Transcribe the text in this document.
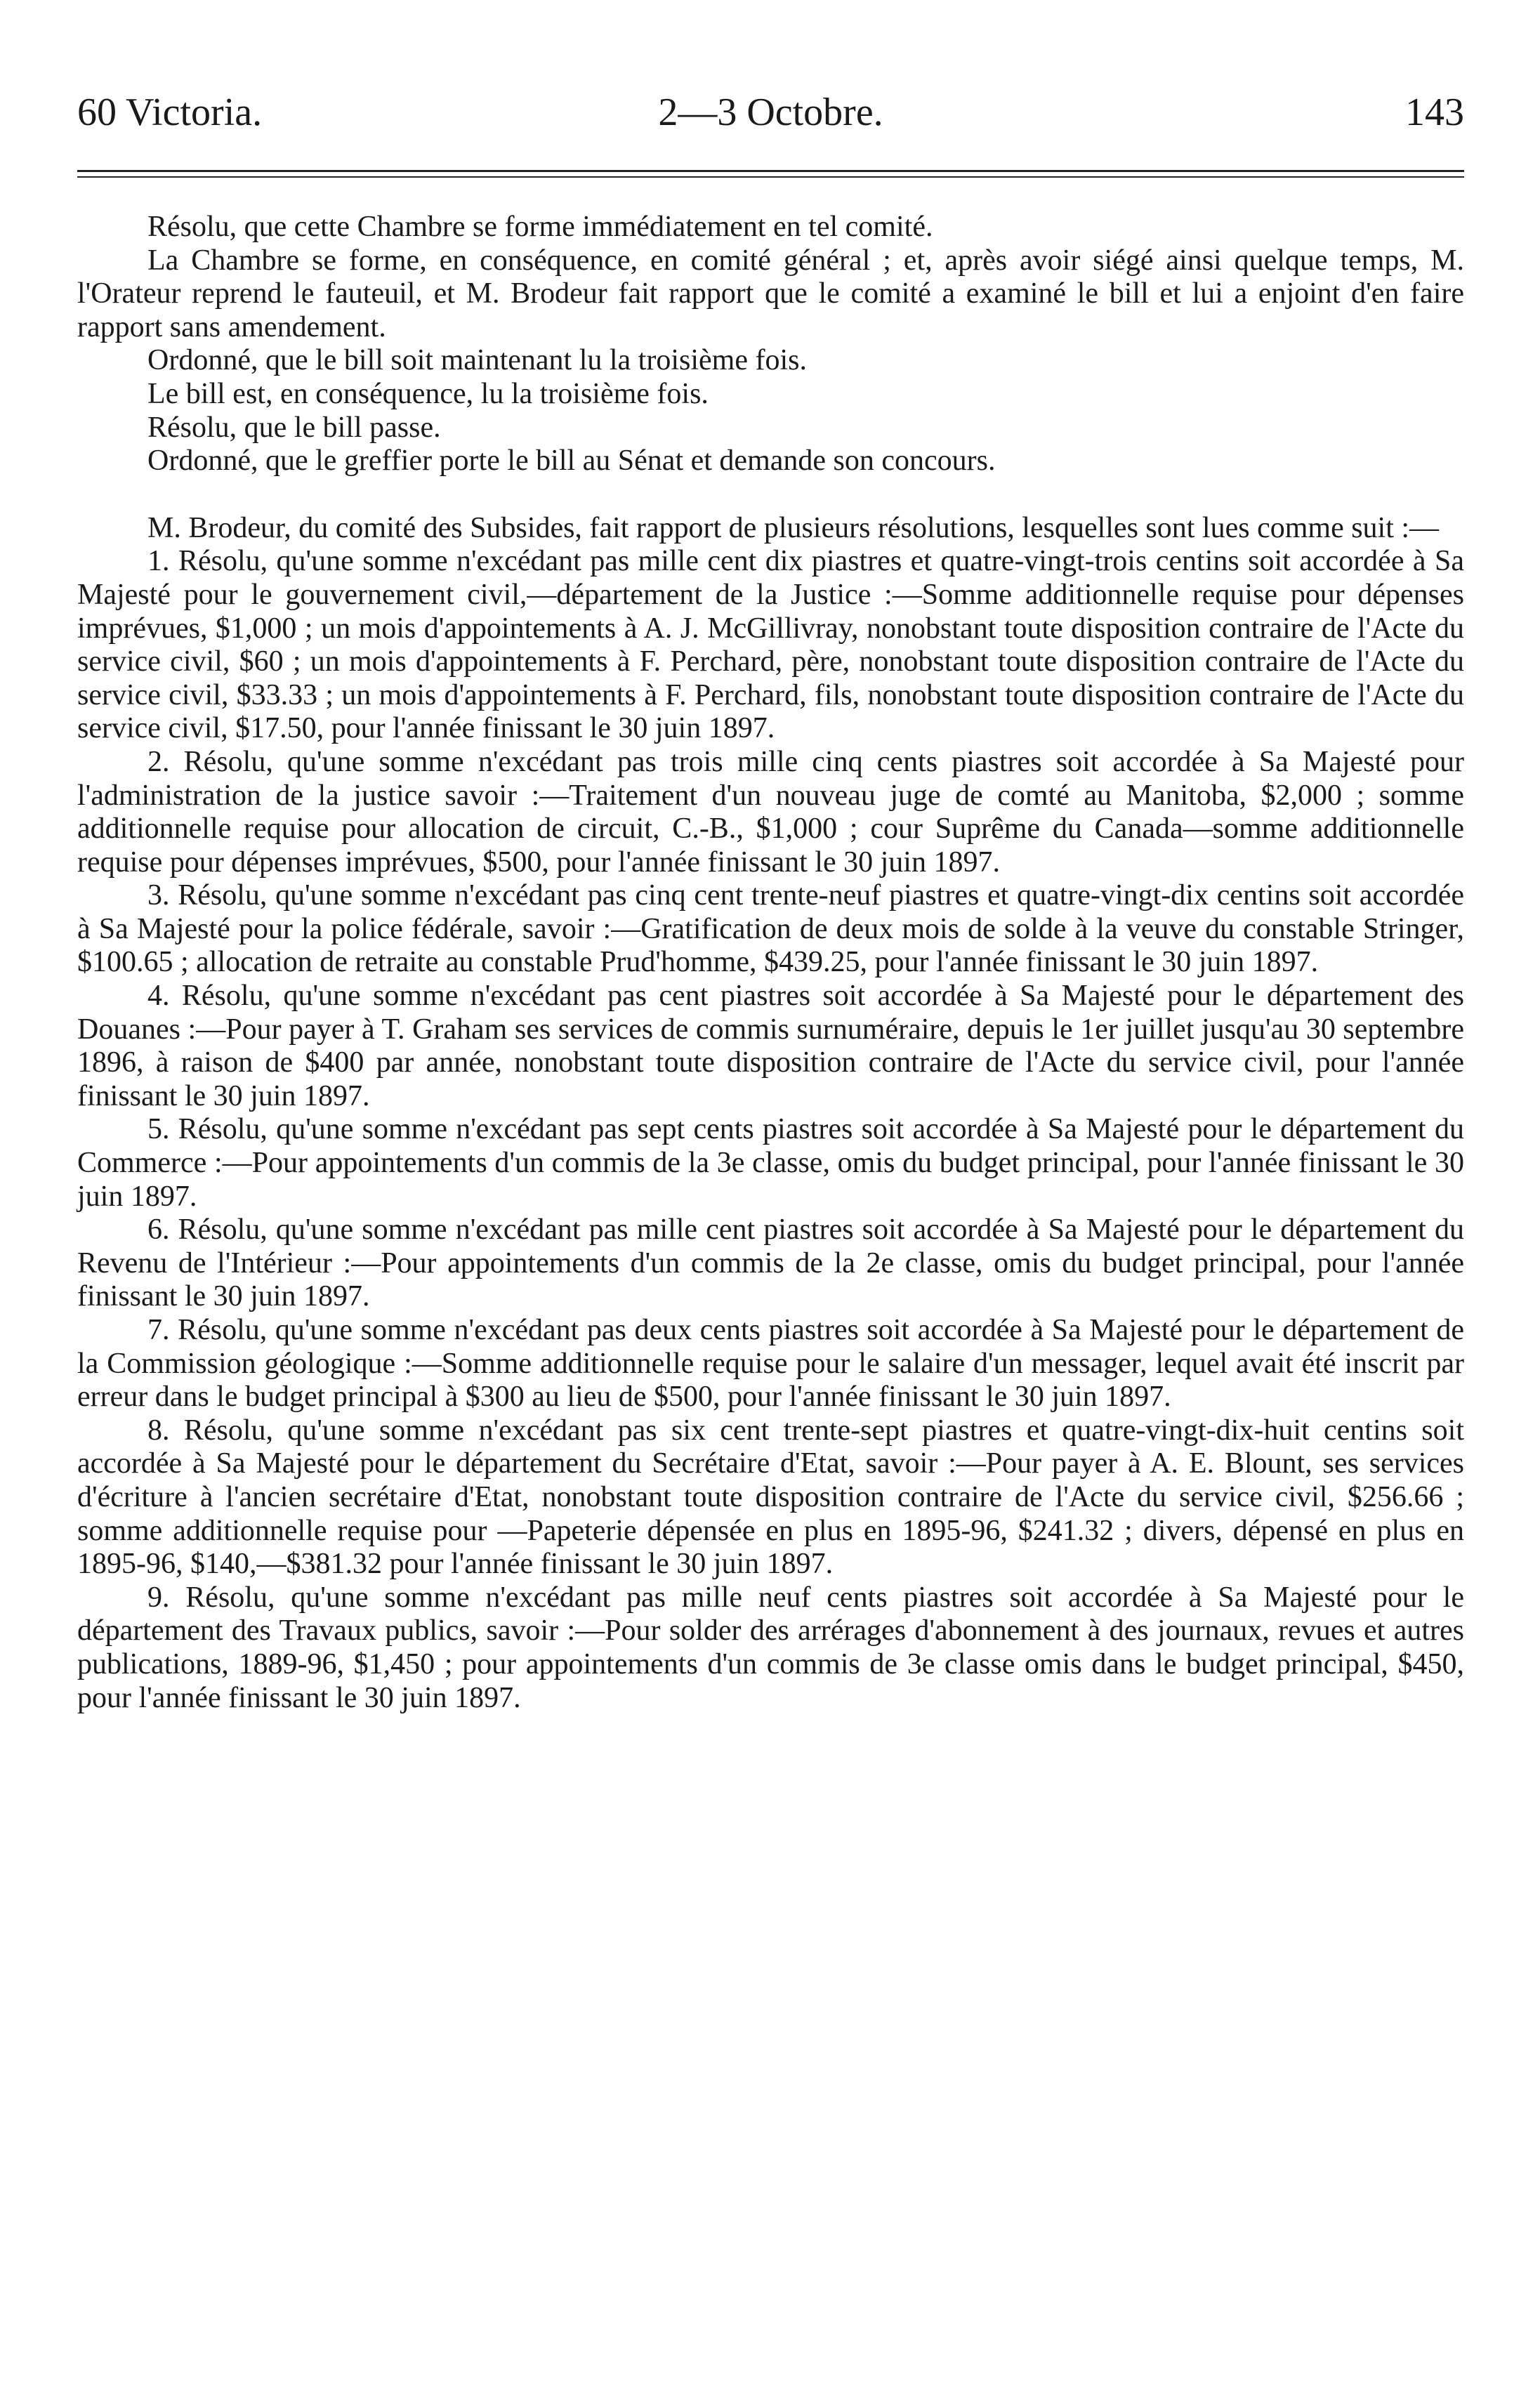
60 Victoria.	2—3 Octobre.	143

Résolu, que cette Chambre se forme immédiatement en tel comité.

La Chambre se forme, en conséquence, en comité général ; et, après avoir siégé ainsi quelque temps, M. l'Orateur reprend le fauteuil, et M. Brodeur fait rapport que le comité a examiné le bill et lui a enjoint d'en faire rapport sans amendement.

Ordonné, que le bill soit maintenant lu la troisième fois.

Le bill est, en conséquence, lu la troisième fois.

Résolu, que le bill passe.

Ordonné, que le greffier porte le bill au Sénat et demande son concours.

M. Brodeur, du comité des Subsides, fait rapport de plusieurs résolutions, lesquelles sont lues comme suit :—

1. Résolu, qu'une somme n'excédant pas mille cent dix piastres et quatre-vingt-trois centins soit accordée à Sa Majesté pour le gouvernement civil,—département de la Justice :—Somme additionnelle requise pour dépenses imprévues, $1,000 ; un mois d'appointements à A. J. McGillivray, nonobstant toute disposition contraire de l'Acte du service civil, $60 ; un mois d'appointements à F. Perchard, père, nonobstant toute disposition contraire de l'Acte du service civil, $33.33 ; un mois d'appointements à F. Perchard, fils, nonobstant toute disposition contraire de l'Acte du service civil, $17.50, pour l'année finissant le 30 juin 1897.

2. Résolu, qu'une somme n'excédant pas trois mille cinq cents piastres soit accordée à Sa Majesté pour l'administration de la justice savoir :—Traitement d'un nouveau juge de comté au Manitoba, $2,000 ; somme additionnelle requise pour allocation de circuit, C.-B., $1,000 ; cour Suprême du Canada—somme additionnelle requise pour dépenses imprévues, $500, pour l'année finissant le 30 juin 1897.

3. Résolu, qu'une somme n'excédant pas cinq cent trente-neuf piastres et quatre-vingt-dix centins soit accordée à Sa Majesté pour la police fédérale, savoir :—Gratification de deux mois de solde à la veuve du constable Stringer, $100.65 ; allocation de retraite au constable Prud'homme, $439.25, pour l'année finissant le 30 juin 1897.

4. Résolu, qu'une somme n'excédant pas cent piastres soit accordée à Sa Majesté pour le département des Douanes :—Pour payer à T. Graham ses services de commis surnuméraire, depuis le 1er juillet jusqu'au 30 septembre 1896, à raison de $400 par année, nonobstant toute disposition contraire de l'Acte du service civil, pour l'année finissant le 30 juin 1897.

5. Résolu, qu'une somme n'excédant pas sept cents piastres soit accordée à Sa Majesté pour le département du Commerce :—Pour appointements d'un commis de la 3e classe, omis du budget principal, pour l'année finissant le 30 juin 1897.

6. Résolu, qu'une somme n'excédant pas mille cent piastres soit accordée à Sa Majesté pour le département du Revenu de l'Intérieur :—Pour appointements d'un commis de la 2e classe, omis du budget principal, pour l'année finissant le 30 juin 1897.

7. Résolu, qu'une somme n'excédant pas deux cents piastres soit accordée à Sa Majesté pour le département de la Commission géologique :—Somme additionnelle requise pour le salaire d'un messager, lequel avait été inscrit par erreur dans le budget principal à $300 au lieu de $500, pour l'année finissant le 30 juin 1897.

8. Résolu, qu'une somme n'excédant pas six cent trente-sept piastres et quatre-vingt-dix-huit centins soit accordée à Sa Majesté pour le département du Secrétaire d'Etat, savoir :—Pour payer à A. E. Blount, ses services d'écriture à l'ancien secrétaire d'Etat, nonobstant toute disposition contraire de l'Acte du service civil, $256.66 ; somme additionnelle requise pour —Papeterie dépensée en plus en 1895-96, $241.32 ; divers, dépensé en plus en 1895-96, $140,—$381.32 pour l'année finissant le 30 juin 1897.

9. Résolu, qu'une somme n'excédant pas mille neuf cents piastres soit accordée à Sa Majesté pour le département des Travaux publics, savoir :—Pour solder des arrérages d'abonnement à des journaux, revues et autres publications, 1889-96, $1,450 ; pour appointements d'un commis de 3e classe omis dans le budget principal, $450, pour l'année finissant le 30 juin 1897.
